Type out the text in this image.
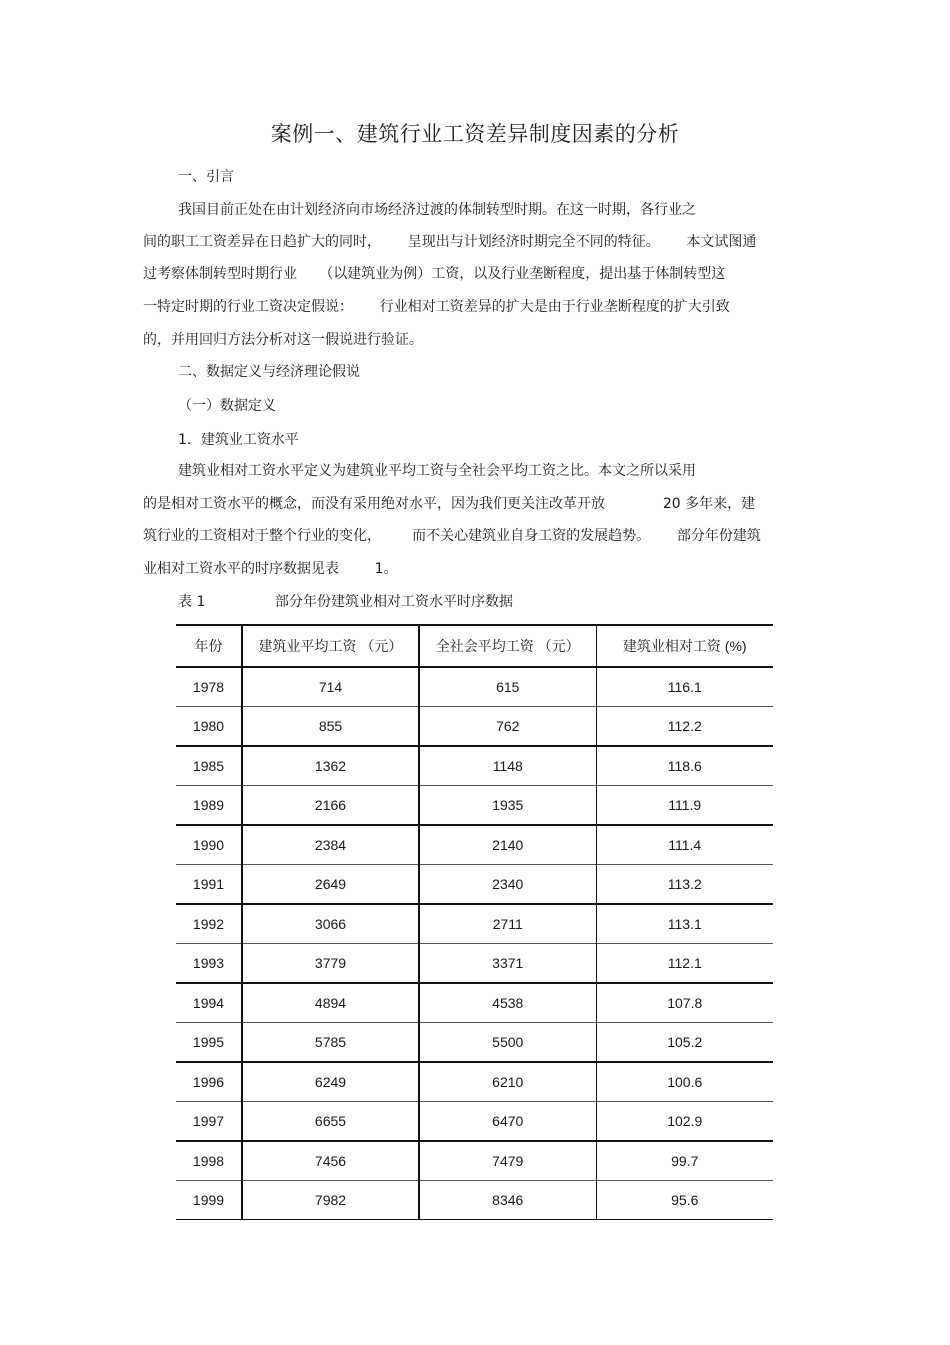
案例一、建筑行业工资差异制度因素的分析
一、引言
我国目前正处在由计划经济向市场经济过渡的体制转型时期。在这一时期，各行业之
间的职工工资差异在日趋扩大的同时，      呈现出与计划经济时期完全不同的特征。      本文试图通
过考察体制转型时期行业     （以建筑业为例）工资，以及行业垄断程度，提出基于体制转型这
一特定时期的行业工资决定假说：      行业相对工资差异的扩大是由于行业垄断程度的扩大引致
的，并用回归方法分析对这一假说进行验证。
二、数据定义与经济理论假说
（一）数据定义
1．建筑业工资水平
建筑业相对工资水平定义为建筑业平均工资与全社会平均工资之比。本文之所以采用
的是相对工资水平的概念，而没有采用绝对水平，因为我们更关注改革开放             20 多年来，建
筑行业的工资相对于整个行业的变化，       而不关心建筑业自身工资的发展趋势。      部分年份建筑
业相对工资水平的时序数据见表        1。
表 1	部分年份建筑业相对工资水平时序数据
年份	建筑业平均工资 （元）	全社会平均工资 （元）	建筑业相对工资 (%)
1978	714	615	116.1
1980	855	762	112.2
1985	1362	1148	118.6
1989	2166	1935	111.9
1990	2384	2140	111.4
1991	2649	2340	113.2
1992	3066	2711	113.1
1993	3779	3371	112.1
1994	4894	4538	107.8
1995	5785	5500	105.2
1996	6249	6210	100.6
1997	6655	6470	102.9
1998	7456	7479	99.7
1999	7982	8346	95.6
